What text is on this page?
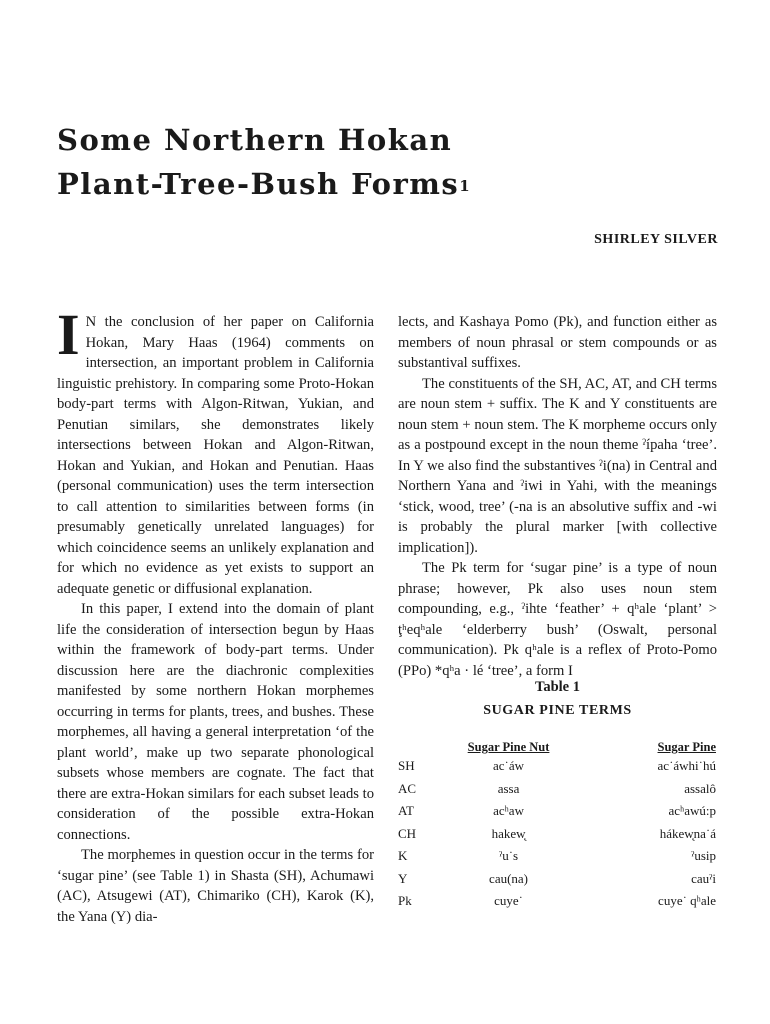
Some Northern Hokan
Plant-Tree-Bush Forms$^1$
SHIRLEY SILVER

I N the conclusion of her paper on California Hokan, Mary Haas (1964) comments on intersection, an important problem in California linguistic prehistory. In comparing some Proto-Hokan body-part terms with Algon-Ritwan, Yukian, and Penutian similars, she demonstrates likely intersections between Hokan and Algon-Ritwan, Hokan and Yukian, and Hokan and Penutian. Haas (personal communication) uses the term intersection to call attention to similarities between forms (in presumably genetically unrelated languages) for which coincidence seems an unlikely explanation and for which no evidence as yet exists to support an adequate genetic or diffusional explanation.

In this paper, I extend into the domain of plant life the consideration of intersection begun by Haas within the framework of body-part terms. Under discussion here are the diachronic complexities manifested by some northern Hokan morphemes occurring in terms for plants, trees, and bushes. These morphemes, all having a general interpretation ‘of the plant world’, make up two separate phonological subsets whose members are cognate. The fact that there are extra-Hokan similars for each subset leads to consideration of the possible extra-Hokan connections.

The morphemes in question occur in the terms for ‘sugar pine’ (see Table 1) in Shasta (SH), Achumawi (AC), Atsugewi (AT), Chimariko (CH), Karok (K), the Yana (Y) dia-

lects, and Kashaya Pomo (Pk), and function either as members of noun phrasal or stem compounds or as substantival suffixes.

The constituents of the SH, AC, AT, and CH terms are noun stem + suffix. The K and Y constituents are noun stem + noun stem. The K morpheme occurs only as a postpound except in the noun theme ˀípaha ‘tree’. In Y we also find the substantives ˀi(na) in Central and Northern Yana and ˀiwi in Yahi, with the meanings ‘stick, wood, tree’ (-na is an absolutive suffix and -wi is probably the plural marker [with collective implication]).

The Pk term for ‘sugar pine’ is a type of noun phrase; however, Pk also uses noun stem compounding, e.g., ˀihte ‘feather’ + qʰale ‘plant’ > ţʰeqʰale ‘elderberry bush’ (Oswalt, personal communication). Pk qʰale is a reflex of Proto-Pomo (PPo) *qʰa · lé ‘tree’, a form I

Table 1
SUGAR PINE TERMS
	Sugar Pine Nut	Sugar Pine
SH	ac˙áw	ac˙áwhi˙hú
AC	assa	assalô
AT	acʰaw	acʰawú:p
CH	hakew̨	hákew̨na˙á
K	ˀu˙s	ˀusip
Y	cau(na)	cauˀi
Pk	cuye˙	cuye˙ qʰale
